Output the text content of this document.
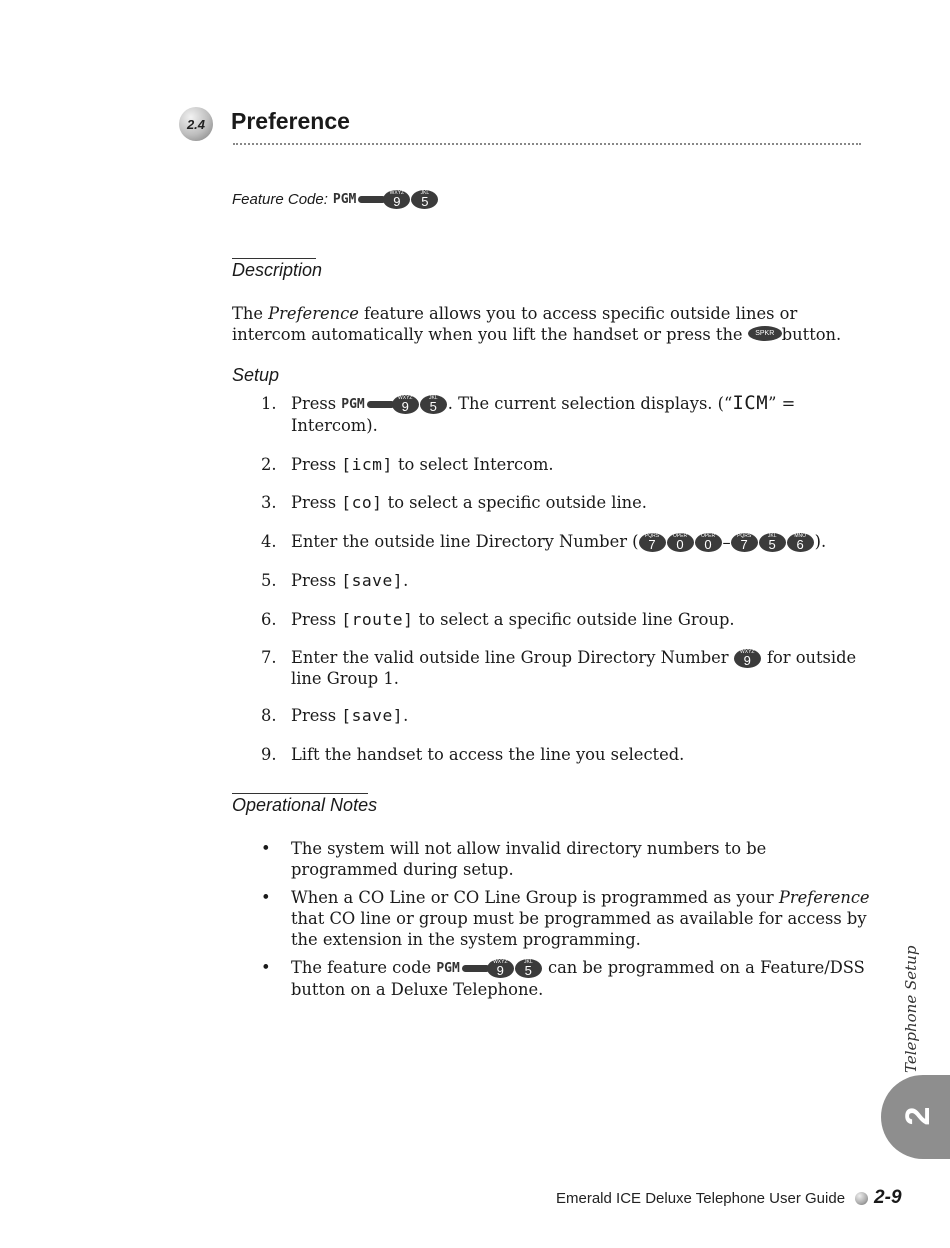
2.4 Preference
Feature Code: PGM	WXYZ
9
JKL
5
Description
The Preference feature allows you to access specific outside lines or intercom automatically when you lift the handset or press the SPKR button.
Setup
1. Press PGM	WXYZ
9
JKL
5 . The current selection displays. (“ICM” = Intercom).
2. Press [icm] to select Intercom.
3. Press [co] to select a specific outside line.
4. Enter the outside line Directory Number (	PQRS
7
OPER
0
OPER
0 –	PQRS
7
JKL
5
MNO
6 ).
5. Press [save].
6. Press [route] to select a specific outside line Group.
7. Enter the valid outside line Group Directory Number	WXYZ
9 for outside line Group 1.
8. Press [save].
9. Lift the handset to access the line you selected.
Operational Notes
• The system will not allow invalid directory numbers to be programmed during setup.
• When a CO Line or CO Line Group is programmed as your Preference that CO line or group must be programmed as available for access by the extension in the system programming.
• The feature code PGM	WXYZ
9
JKL
5 can be programmed on a Feature/DSS button on a Deluxe Telephone.	Telephone Setup
2
Emerald ICE Deluxe Telephone User Guide 2-9
